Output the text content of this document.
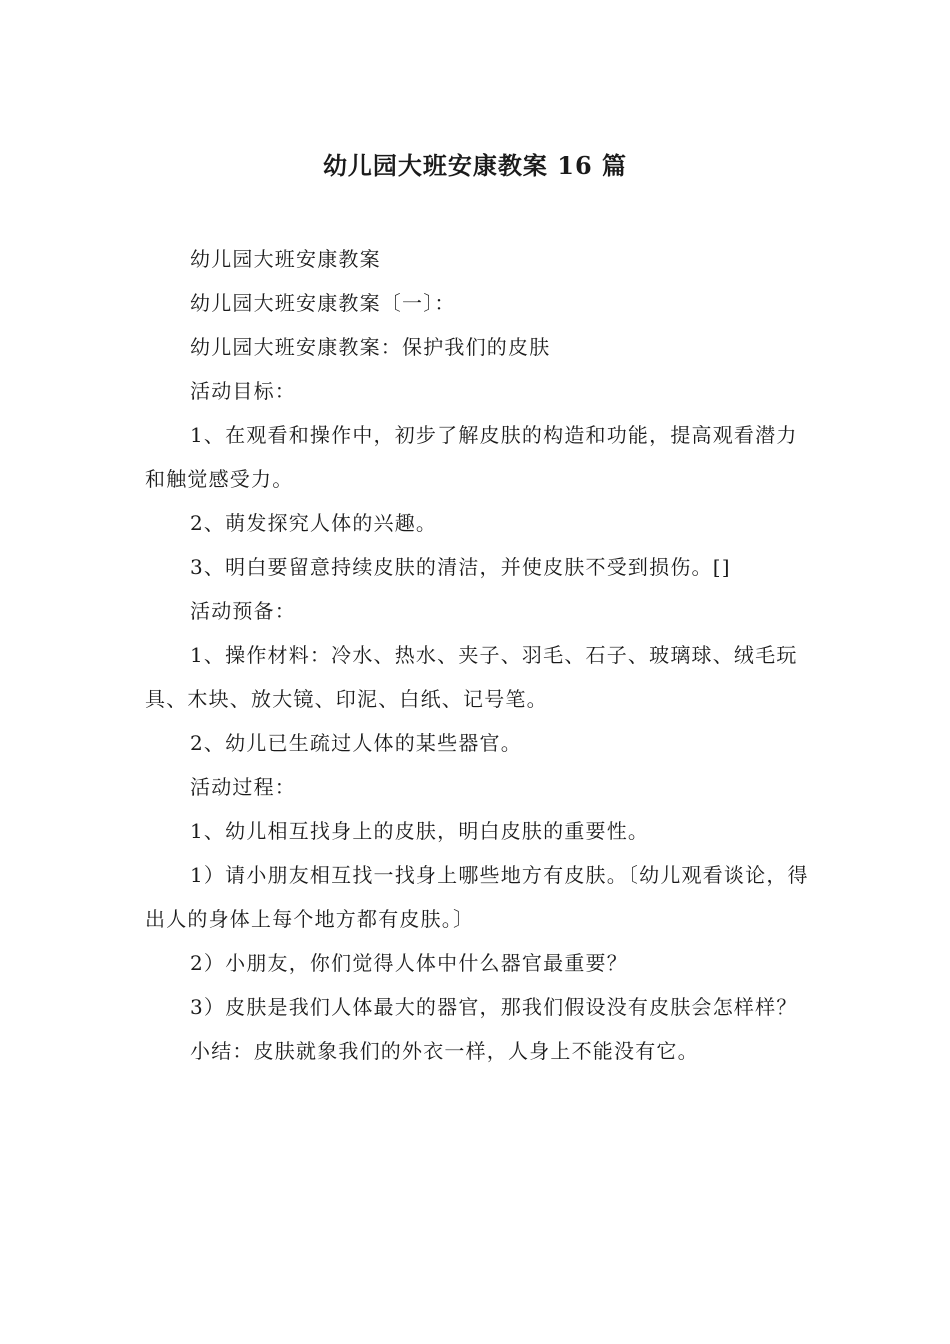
幼儿园大班安康教案 16 篇

幼儿园大班安康教案

幼儿园大班安康教案〔一〕：

幼儿园大班安康教案：保护我们的皮肤

活动目标：

1、在观看和操作中，初步了解皮肤的构造和功能，提高观看潜力和触觉感受力。

2、萌发探究人体的兴趣。

3、明白要留意持续皮肤的清洁，并使皮肤不受到损伤。[]

活动预备：

1、操作材料：冷水、热水、夹子、羽毛、石子、玻璃球、绒毛玩具、木块、放大镜、印泥、白纸、记号笔。

2、幼儿已生疏过人体的某些器官。

活动过程：

1、幼儿相互找身上的皮肤，明白皮肤的重要性。

1）请小朋友相互找一找身上哪些地方有皮肤。〔幼儿观看谈论，得出人的身体上每个地方都有皮肤。〕

2）小朋友，你们觉得人体中什么器官最重要？

3）皮肤是我们人体最大的器官，那我们假设没有皮肤会怎样样？

小结：皮肤就象我们的外衣一样，人身上不能没有它。
